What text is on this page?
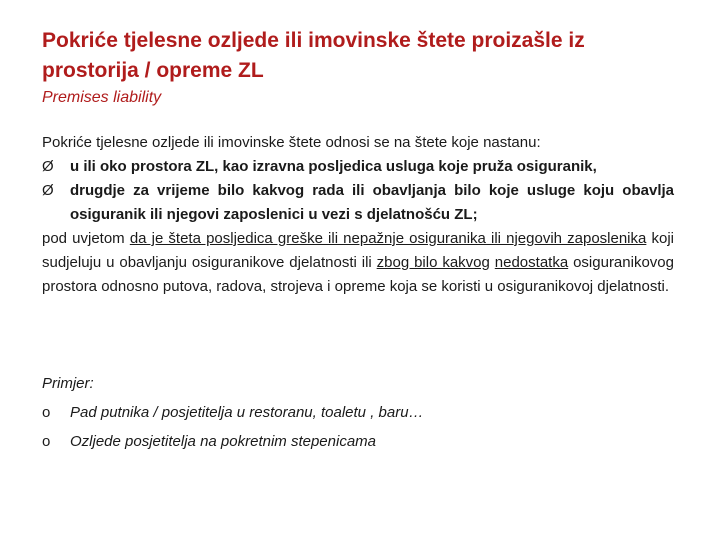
Pokriće tjelesne ozljede ili imovinske štete proizašle iz prostorija / opreme ZL
Premises liability
Pokriće tjelesne ozljede ili imovinske štete odnosi se na štete koje nastanu:
Ø	u ili oko prostora ZL, kao izravna posljedica usluga koje pruža osiguranik,
Ø	drugdje za vrijeme bilo kakvog rada ili obavljanja bilo koje usluge koju obavlja osiguranik ili njegovi zaposlenici u vezi s djelatnošću ZL;
pod uvjetom da je šteta posljedica greške ili nepažnje osiguranika ili njegovih zaposlenika koji sudjeluju u obavljanju osiguranikove djelatnosti ili zbog bilo kakvog nedostatka osiguranikovog prostora odnosno putova, radova, strojeva i opreme koja se koristi u osiguranikovoj djelatnosti.
Primjer:
o Pad putnika / posjetitelja u restoranu, toaletu , baru…
o Ozljede posjetitelja na pokretnim stepenicama
